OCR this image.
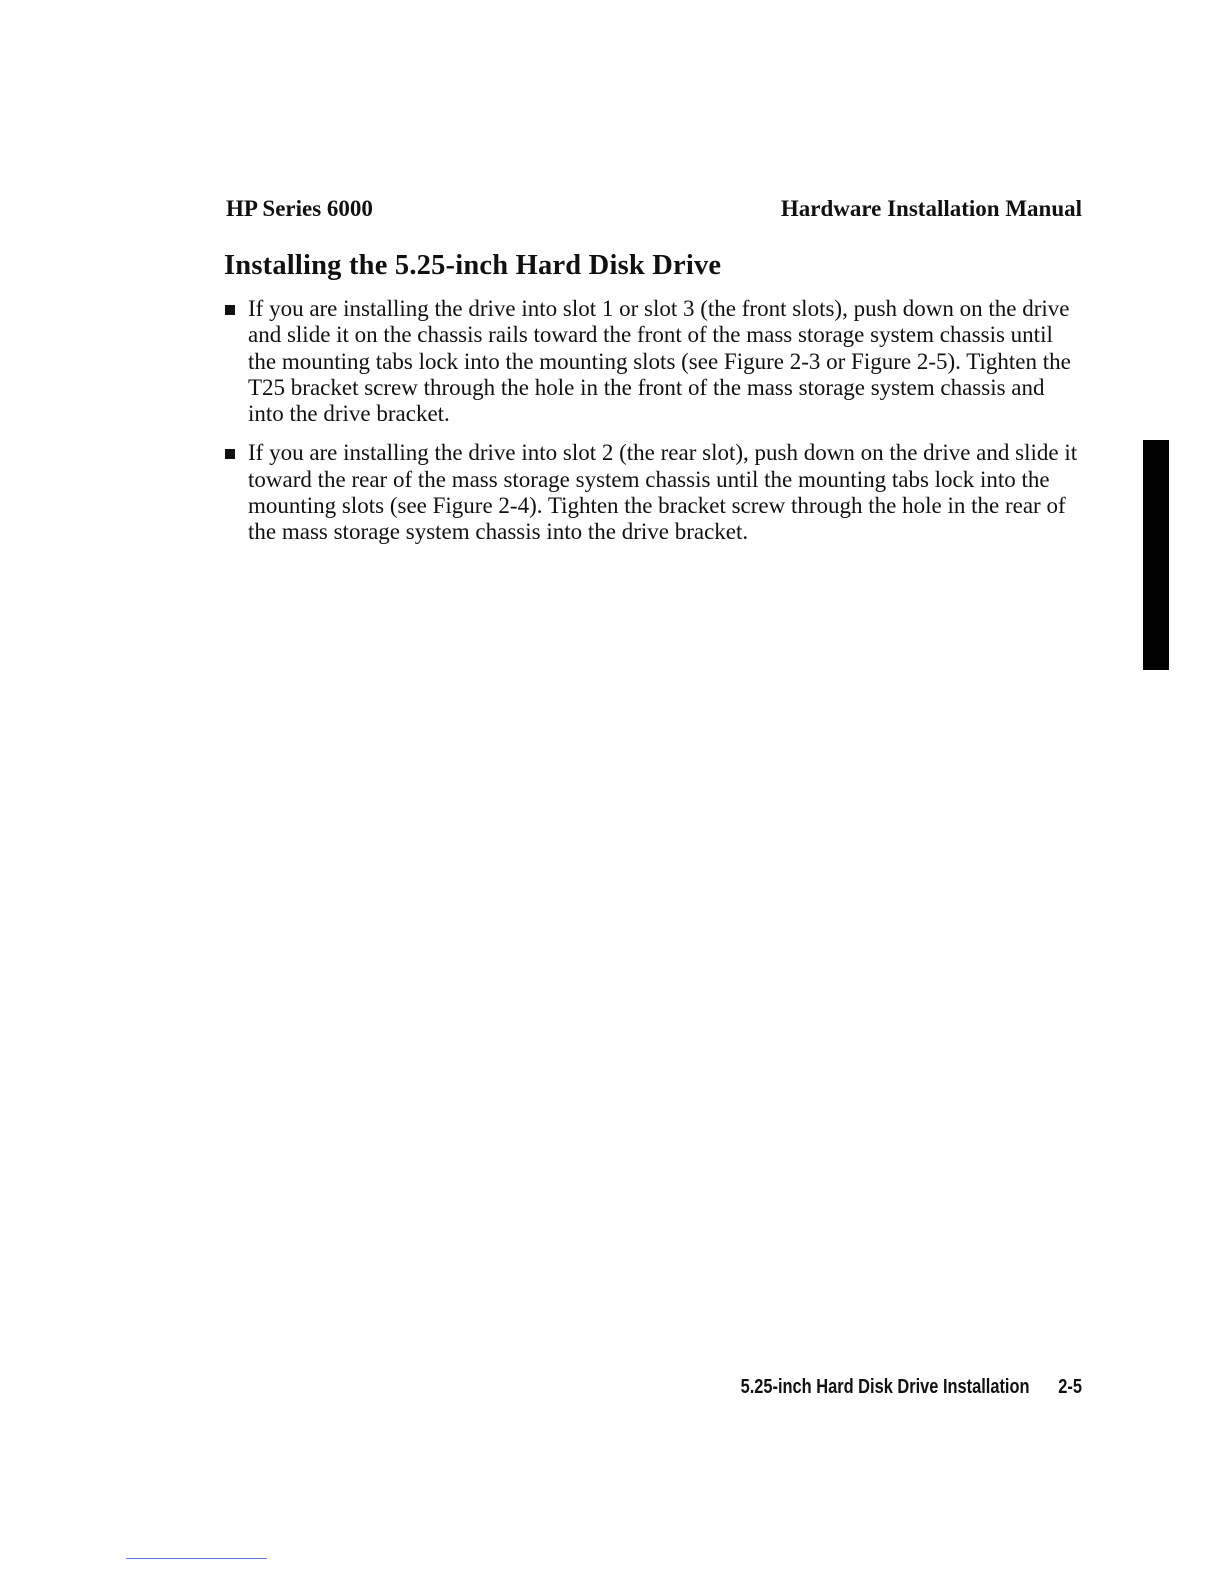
HP Series 6000	Hardware Installation Manual
Installing the 5.25-inch Hard Disk Drive
If you are installing the drive into slot 1 or slot 3 (the front slots), push down on the drive and slide it on the chassis rails toward the front of the mass storage system chassis until the mounting tabs lock into the mounting slots (see Figure 2-3 or Figure 2-5). Tighten the T25 bracket screw through the hole in the front of the mass storage system chassis and into the drive bracket.
If you are installing the drive into slot 2 (the rear slot), push down on the drive and slide it toward the rear of the mass storage system chassis until the mounting tabs lock into the mounting slots (see Figure 2-4). Tighten the bracket screw through the hole in the rear of the mass storage system chassis into the drive bracket.
5.25-inch Hard Disk Drive Installation 2-5
